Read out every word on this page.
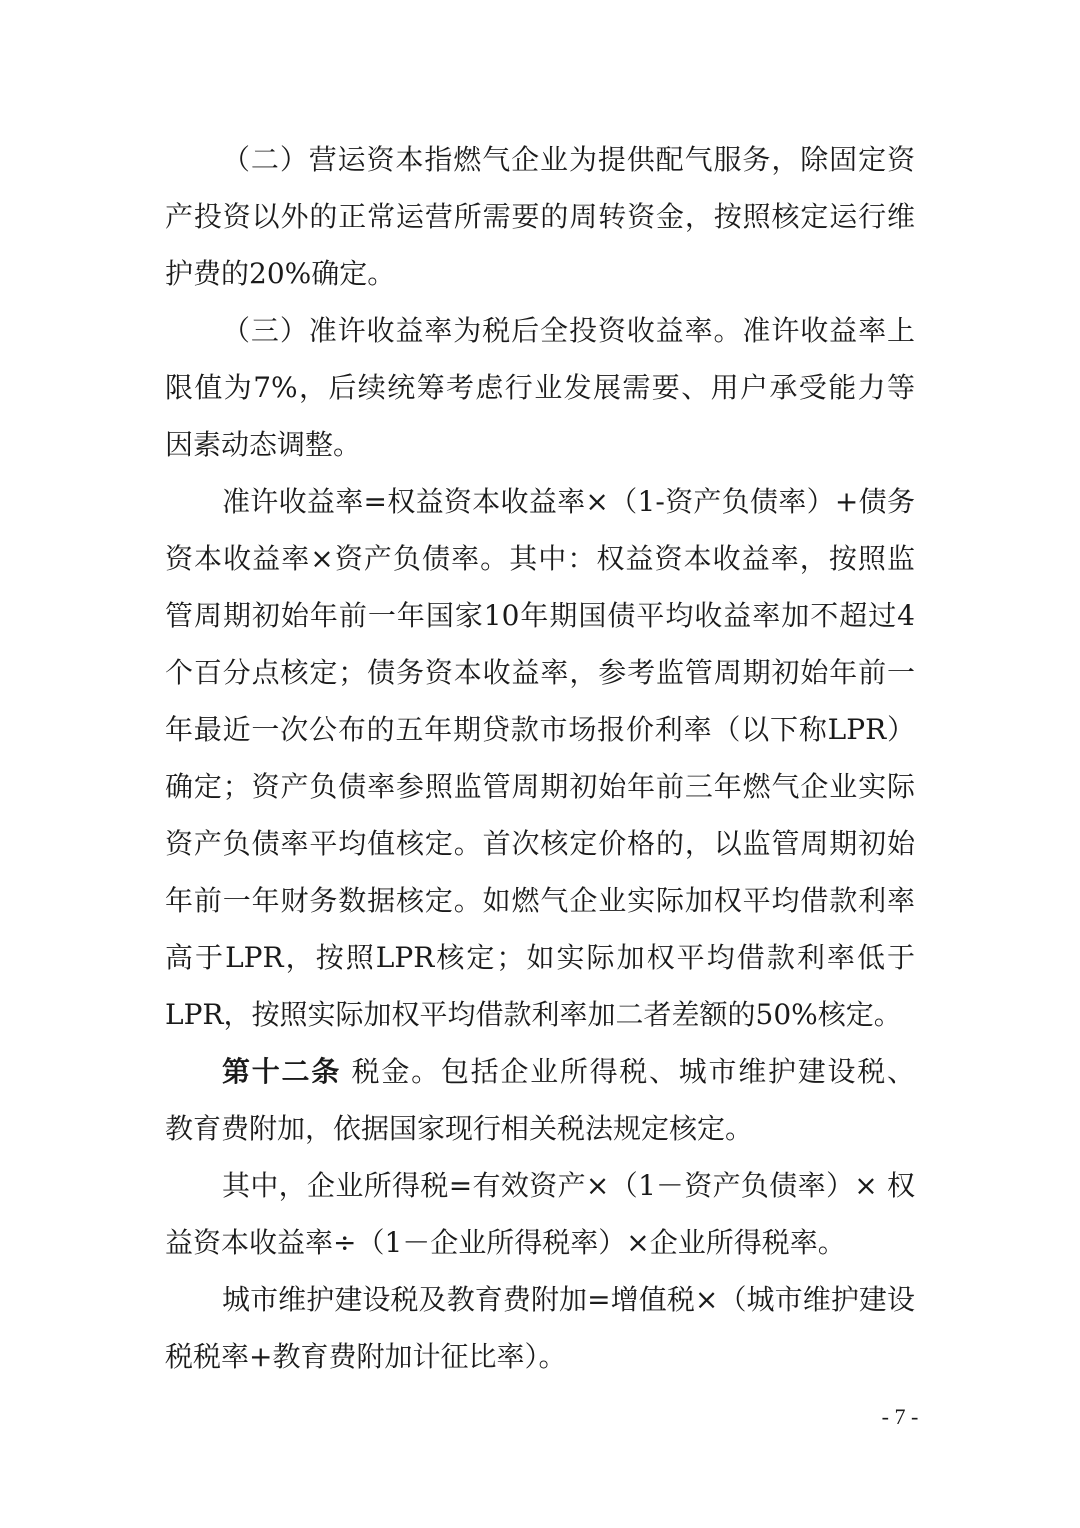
（二）营运资本指燃气企业为提供配气服务，除固定资
产投资以外的正常运营所需要的周转资金，按照核定运行维
护费的20%确定。
（三）准许收益率为税后全投资收益率。准许收益率上
限值为7%，后续统筹考虑行业发展需要、用户承受能力等
因素动态调整。
准许收益率=权益资本收益率×（1-资产负债率）+债务
资本收益率×资产负债率。其中：权益资本收益率，按照监
管周期初始年前一年国家10年期国债平均收益率加不超过4
个百分点核定；债务资本收益率，参考监管周期初始年前一
年最近一次公布的五年期贷款市场报价利率（以下称LPR）
确定；资产负债率参照监管周期初始年前三年燃气企业实际
资产负债率平均值核定。首次核定价格的，以监管周期初始
年前一年财务数据核定。如燃气企业实际加权平均借款利率
高于LPR，按照LPR核定；如实际加权平均借款利率低于
LPR，按照实际加权平均借款利率加二者差额的50%核定。
第十二条 税金。包括企业所得税、城市维护建设税、
教育费附加，依据国家现行相关税法规定核定。
其中，企业所得税=有效资产×（1－资产负债率）× 权
益资本收益率÷（1－企业所得税率）×企业所得税率。
城市维护建设税及教育费附加=增值税×（城市维护建设
税税率+教育费附加计征比率）。
- 7 -
